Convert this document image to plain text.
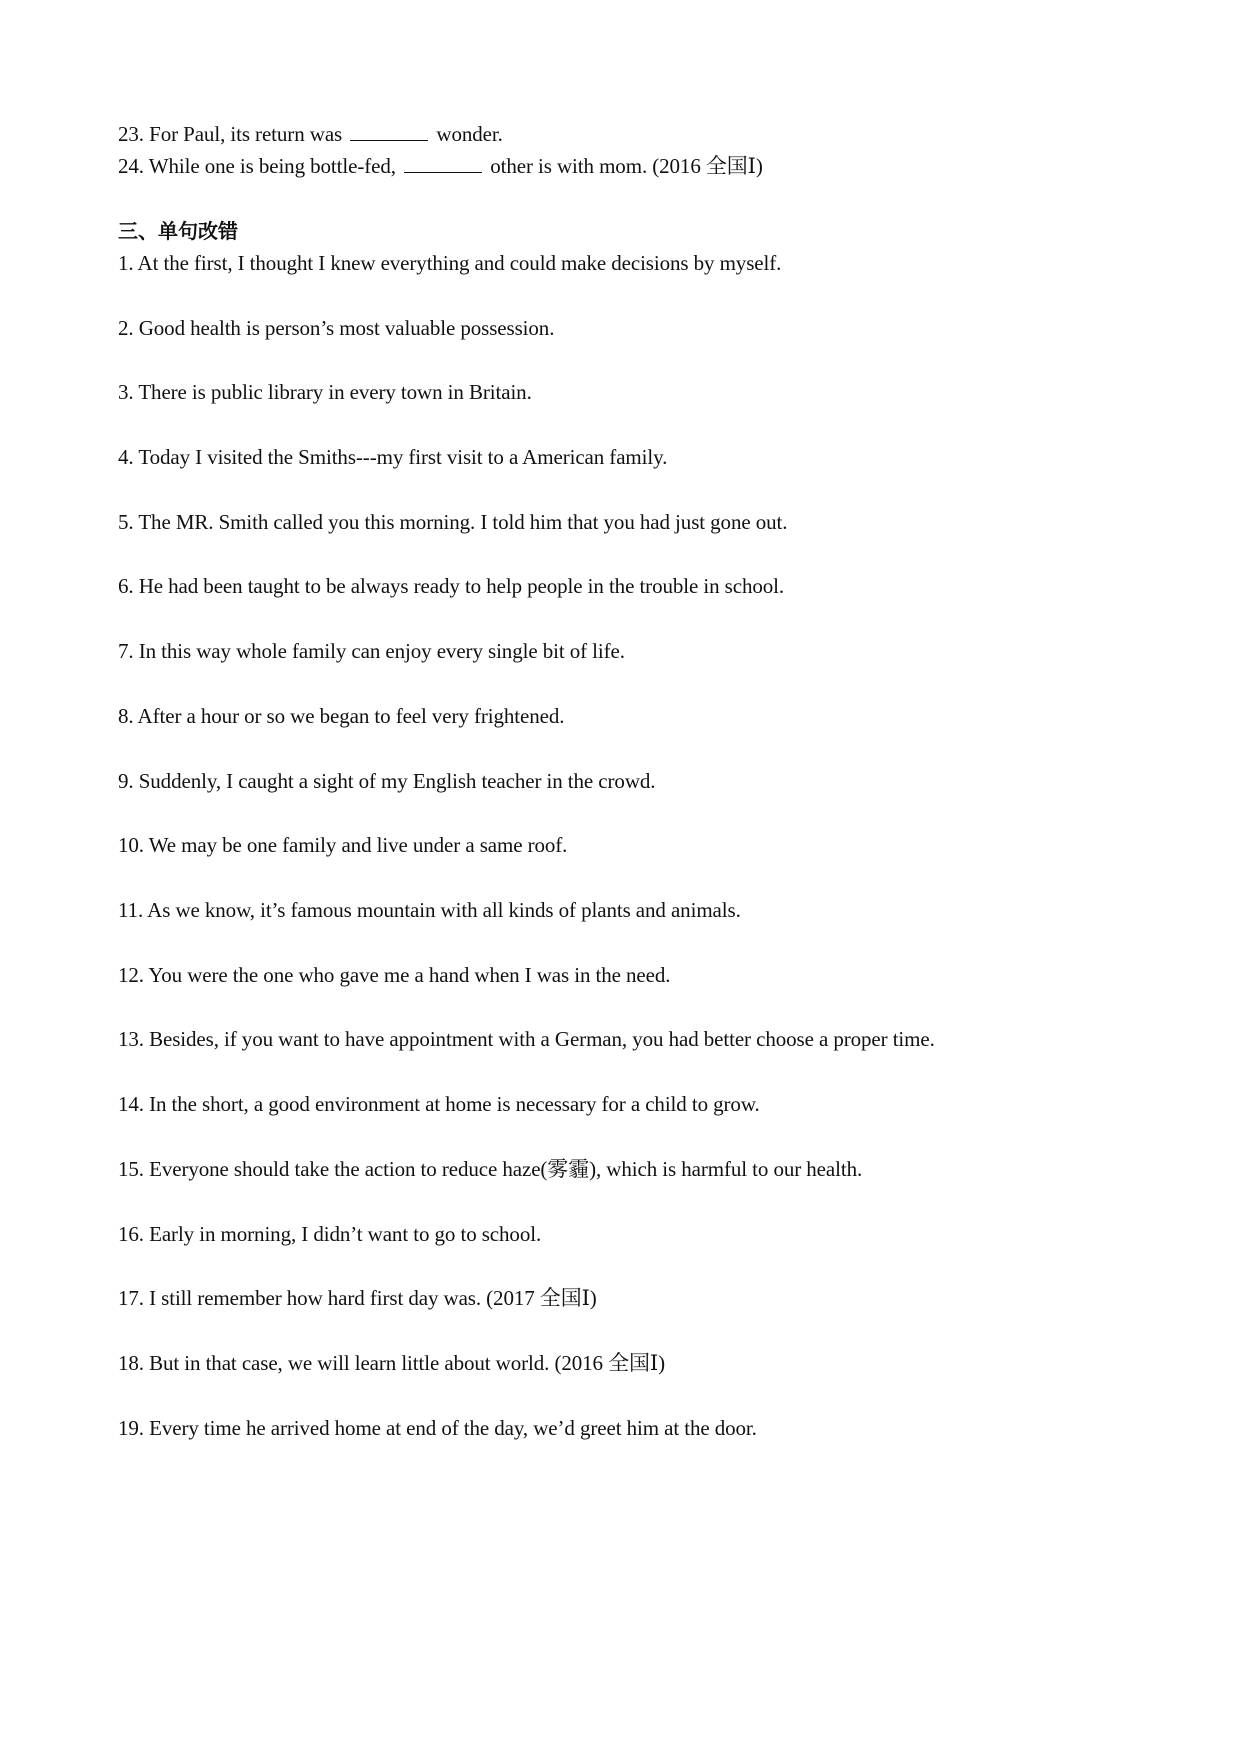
23. For Paul, its return was	wonder.
24. While one is being bottle-fed,	other is with mom. (2016 全国Ⅰ)
三、单句改错
1. At the first, I thought I knew everything and could make decisions by myself.
2. Good health is person’s most valuable possession.
3. There is public library in every town in Britain.
4. Today I visited the Smiths---my first visit to a American family.
5. The MR. Smith called you this morning. I told him that you had just gone out.
6. He had been taught to be always ready to help people in the trouble in school.
7. In this way whole family can enjoy every single bit of life.
8. After a hour or so we began to feel very frightened.
9. Suddenly, I caught a sight of my English teacher in the crowd.
10. We may be one family and live under a same roof.
11. As we know, it’s famous mountain with all kinds of plants and animals.
12. You were the one who gave me a hand when I was in the need.
13. Besides, if you want to have appointment with a German, you had better choose a proper time.
14. In the short, a good environment at home is necessary for a child to grow.
15. Everyone should take the action to reduce haze(雾霾), which is harmful to our health.
16. Early in morning, I didn’t want to go to school.
17. I still remember how hard first day was. (2017 全国Ⅰ)
18. But in that case, we will learn little about world. (2016 全国Ⅰ)
19. Every time he arrived home at end of the day, we’d greet him at the door.
